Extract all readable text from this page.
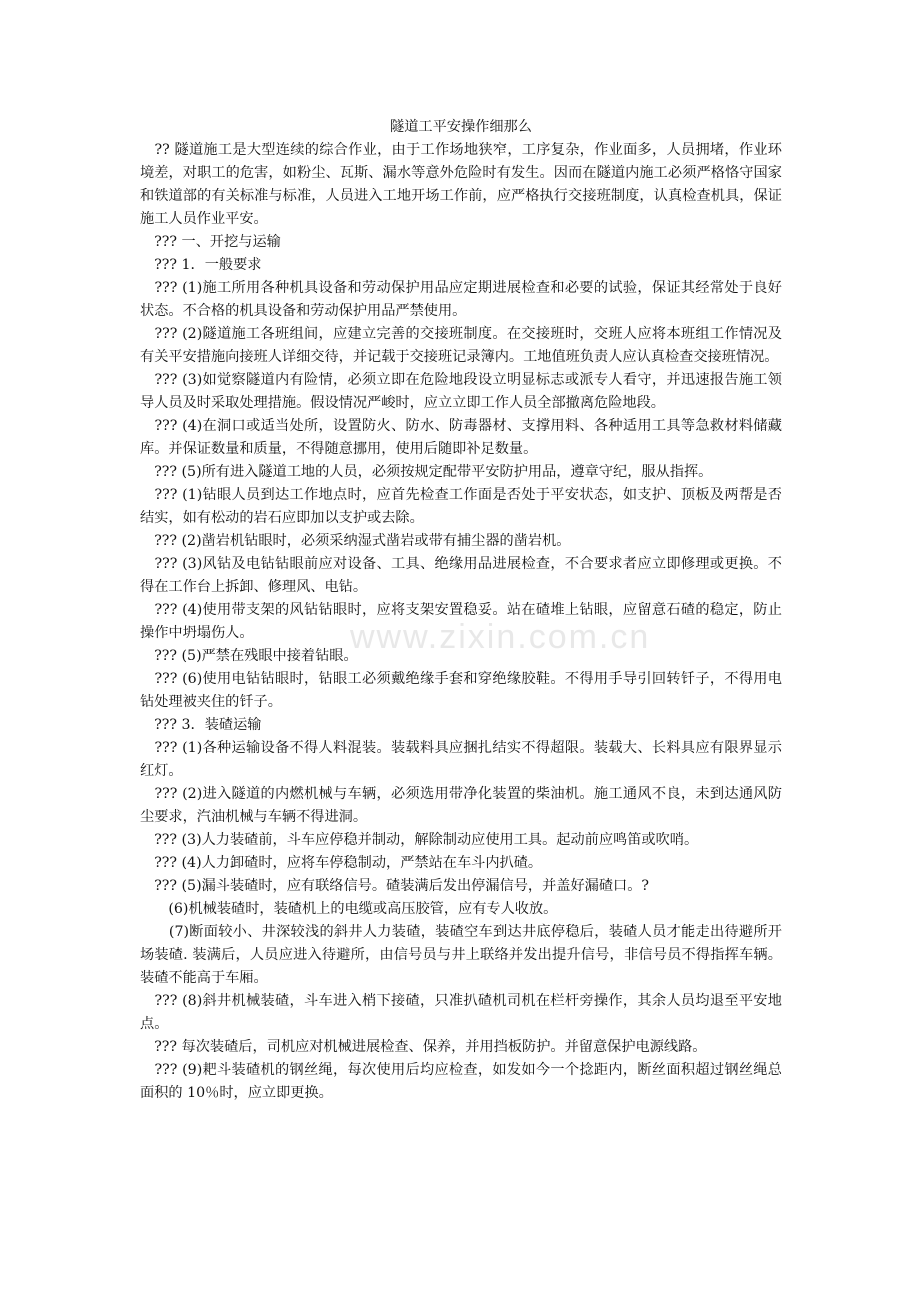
www.zixin.com.cn
隧道工平安操作细那么

　?? 隧道施工是大型连续的综合作业，由于工作场地狭窄，工序复杂，作业面多，人员拥堵，作业环境差，对职工的危害，如粉尘、瓦斯、漏水等意外危险时有发生。因而在隧道内施工必须严格恪守国家和铁道部的有关标准与标准，人员进入工地开场工作前，应严格执行交接班制度，认真检查机具，保证施工人员作业平安。

　??? 一、开挖与运输

　??? 1．一般要求

　??? (1)施工所用各种机具设备和劳动保护用品应定期进展检查和必要的试验，保证其经常处于良好状态。不合格的机具设备和劳动保护用品严禁使用。

　??? (2)隧道施工各班组间，应建立完善的交接班制度。在交接班时，交班人应将本班组工作情况及有关平安措施向接班人详细交待，并记载于交接班记录簿内。工地值班负责人应认真检查交接班情况。

　??? (3)如觉察隧道内有险情，必须立即在危险地段设立明显标志或派专人看守，并迅速报告施工领导人员及时采取处理措施。假设情况严峻时，应立立即工作人员全部撤离危险地段。

　??? (4)在洞口或适当处所，设置防火、防水、防毒器材、支撑用料、各种适用工具等急救材料储藏库。并保证数量和质量，不得随意挪用，使用后随即补足数量。

　??? (5)所有进入隧道工地的人员，必须按规定配带平安防护用品，遵章守纪，服从指挥。

　??? (1)钻眼人员到达工作地点时，应首先检查工作面是否处于平安状态，如支护、顶板及两帮是否结实，如有松动的岩石应即加以支护或去除。

　??? (2)凿岩机钻眼时，必须采纳湿式凿岩或带有捕尘器的凿岩机。

　??? (3)风钻及电钻钻眼前应对设备、工具、绝缘用品进展检查，不合要求者应立即修理或更换。不得在工作台上拆卸、修理风、电钻。

　??? (4)使用带支架的风钻钻眼时，应将支架安置稳妥。站在碴堆上钻眼，应留意石碴的稳定，防止操作中坍塌伤人。

　??? (5)严禁在残眼中接着钻眼。

　??? (6)使用电钻钻眼时，钻眼工必须戴绝缘手套和穿绝缘胶鞋。不得用手导引回转钎子，不得用电钻处理被夹住的钎子。

　??? 3．装碴运输

　??? (1)各种运输设备不得人料混装。装载料具应捆扎结实不得超限。装载大、长料具应有限界显示红灯。

　??? (2)进入隧道的内燃机械与车辆，必须选用带净化装置的柴油机。施工通风不良，未到达通风防尘要求，汽油机械与车辆不得进洞。

　??? (3)人力装碴前，斗车应停稳并制动，解除制动应使用工具。起动前应鸣笛或吹哨。

　??? (4)人力卸碴时，应将车停稳制动，严禁站在车斗内扒碴。

　??? (5)漏斗装碴时，应有联络信号。碴装满后发出停漏信号，并盖好漏碴口。?

　　(6)机械装碴时，装碴机上的电缆或高压胶管，应有专人收放。

　　(7)断面较小、井深较浅的斜井人力装碴，装碴空车到达井底停稳后，装碴人员才能走出待避所开场装碴. 装满后，人员应进入待避所，由信号员与井上联络并发出提升信号，非信号员不得指挥车辆。装碴不能高于车厢。

　??? (8)斜井机械装碴，斗车进入梢下接碴，只准扒碴机司机在栏杆旁操作，其余人员均退至平安地点。

　??? 每次装碴后，司机应对机械进展检查、保养，并用挡板防护。并留意保护电源线路。

　??? (9)耙斗装碴机的钢丝绳，每次使用后均应检查，如发如今一个捻距内，断丝面积超过钢丝绳总面积的 10％时，应立即更换。
